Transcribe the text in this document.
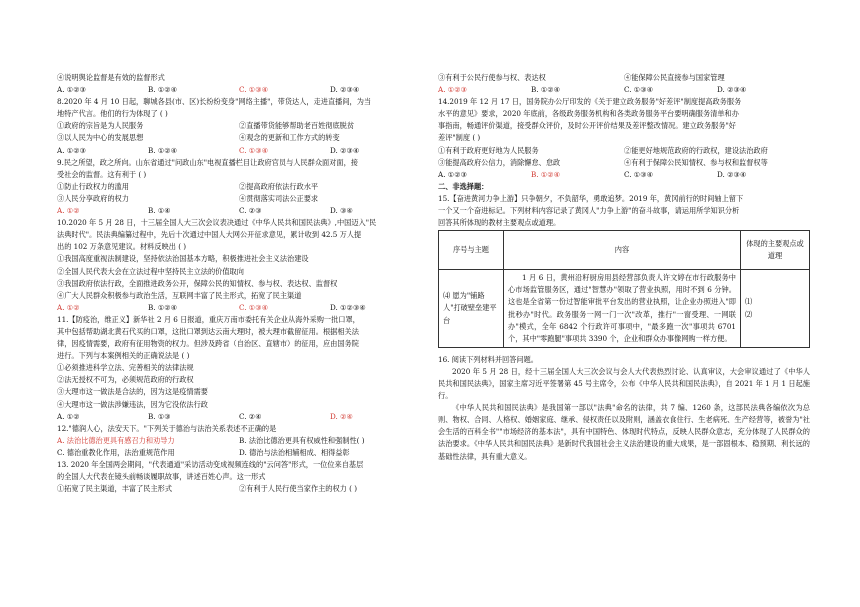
④说明舆论监督是有效的监督形式
A. ①②③	B. ①②④	C. ①③④	D. ②③④
8.2020 年 4 月 10 日起，聊城各县(市、区)长纷纷变身"网络主播"，带货达人，走进直播间，为当
地特产代言。他们的行为体现了 ( )
①政府的宗旨是为人民服务	②直播带货能够帮助老百姓彻底脱贫
③以人民为中心的发展思想	④观念的更新和工作方式的转变
A. ①②③	B. ①②④	C. ①③④	D. ②③④
9.民之所望，政之所向。山东省通过"问政山东"电视直播栏目让政府官员与人民群众面对面，接
受社会的监督。这有利于 ( )
①防止行政权力的滥用	②提高政府依法行政水平
③人民分享政府的权力	④贯彻落实司法公正要求
A. ①②	B. ①④	C. ②③	D. ③④
10.2020 年 5 月 28 日，十三届全国人大三次会议表决通过《中华人民共和国民法典》,中国迈入"民
法典时代"。民法典编纂过程中，先后十次通过中国人大网公开征求意见，累计收到 42.5 万人提
出的 102 万条意见建议。材料反映出 ( )
①我国高度重视法制建设，坚持依法治国基本方略，积极推进社会主义法治建设
②全国人民代表大会在立法过程中坚持民主立法的价值取向
③我国政府依法行政，全面推进政务公开，保障公民的知情权、参与权、表达权、监督权
④广大人民群众积极参与政治生活，互联网丰富了民主形式，拓宽了民主渠道
A. ①②	B. ①②④	C. ①③④	D. ①②③④
11.【防疫治，维正义】新华社 2 月 6 日报道，重庆万南市委托有关企业从海外采购一批口罩，
其中包括帮助湖北黄石代买的口罩，这批口罩到达云南大理时，被大理市截留征用。根据相关法
律，因疫情需要，政府有征用物资的权力。但涉及跨省（自治区、直辖市）的征用，应由国务院
进行。下列与本案例相关的正确说法是 ( )
①必须推进科学立法、完善相关的法律法规
②法无授权不可为，必须规范政府的行政权
③大理市这一做法是合法的，因为这是疫情需要
④大理市这一做法涉嫌违法，因为它没依法行政
A. ①②	B. ①③	C. ②④	D. ②④
12."德润人心，法安天下。"下列关于德治与法治关系表述不正确的是
A. 法治比德治更具有感召力和劝导力	B. 法治比德治更具有权威性和强制性( )
C. 德治重教化作用，法治重规范作用	D. 德治与法治相辅相成、相得益彰
13. 2020 年全国两会期间，"代表通道"采访活动变成视频连线的"云问答"形式，一位位来自基层
的全国人大代表在镜头前畅谈履职故事，讲述百姓心声。这一形式
①拓宽了民主渠道，丰富了民主形式	②有利于人民行使当家作主的权力 ( )
③有利于公民行使参与权、表达权	④能保障公民直接参与国家管理
A. ①②③	B. ①②④	C. ①③④	D. ②③④
14.2019 年 12 月 17 日，国务院办公厅印发的《关于建立政务服务"好差评"制度提高政务服务
水平的意见》要求，2020 年底前，各级政务服务机构和各类政务服务平台要明确服务清单和办
事指南，畅通评价渠道，接受群众评价，及时公开评价结果及差评整改情况。建立政务服务"好
差评"制度 ( )
①有利于政府更好地为人民服务	②能更好地规范政府的行政权，建设法治政府
③能提高政府公信力，消除懈怠、怠政	④有利于保障公民知情权、参与权和监督权等
A. ①②③	B. ①②④	C. ①③④	D. ②③④
二、非选择题：
15.【奋进黄河力争上游】只争朝夕，不负韶华，勇敢追梦。2019 年，黄冈前行的时间轴上留下
一个又一个奋进标记。下列材料内容记录了黄冈人"力争上游"的奋斗故事，请运用所学知识分析
回答其所体现的教材主要观点或道理。
序号与主题	内容	体现的主要观点或道理
⑷ 愿为"铺路人"打破壁垒建平台	1 月 6 日，黄州沿籽厨房用县经营部负责人许文婷在市行政服务中心市场监管服务区，通过"智慧办"领取了营业执照，用时不到 6 分钟。这也是全省第一份过智能审批平台发出的营业执照，让企业办照进入"即批秒办"时代。政务服务一网一门一次"改革，推行"一窗受理、一网联办"模式，全年 6842 个行政许可事项中，"最多跑一次"事项共 6701 个，其中"零跑腿"事项共 3390 个，企业和群众办事像网购一样方便。	⑴
⑵
16. 阅读下列材料并回答问题。
2020 年 5 月 28 日，经十三届全国人大三次会议与会人大代表热烈讨论、认真审议，大会审议通过了《中华人民共和国民法典》，国家主席习近平签署第 45 号主席令，公布《中华人民共和国民法典》，自 2021 年 1 月 1 日起施行。
《中华人民共和国民法典》是我国第一部以"法典"命名的法律，共 7 编、1260 条，这部民法典各编依次为总则、物权、合同、人格权、婚姻家庭、继承、侵权责任以及附则，涵盖衣食住行、生老病死、生产经营等，被誉为"社会生活的百科全书""市场经济的基本法"，具有中国特色、体现时代特点，反映人民群众意志，充分体现了人民群众的法治要求。《中华人民共和国民法典》是新时代我国社会主义法治建设的重大成果，是一部固根本、稳预期、利长远的基础性法律，具有重大意义。
